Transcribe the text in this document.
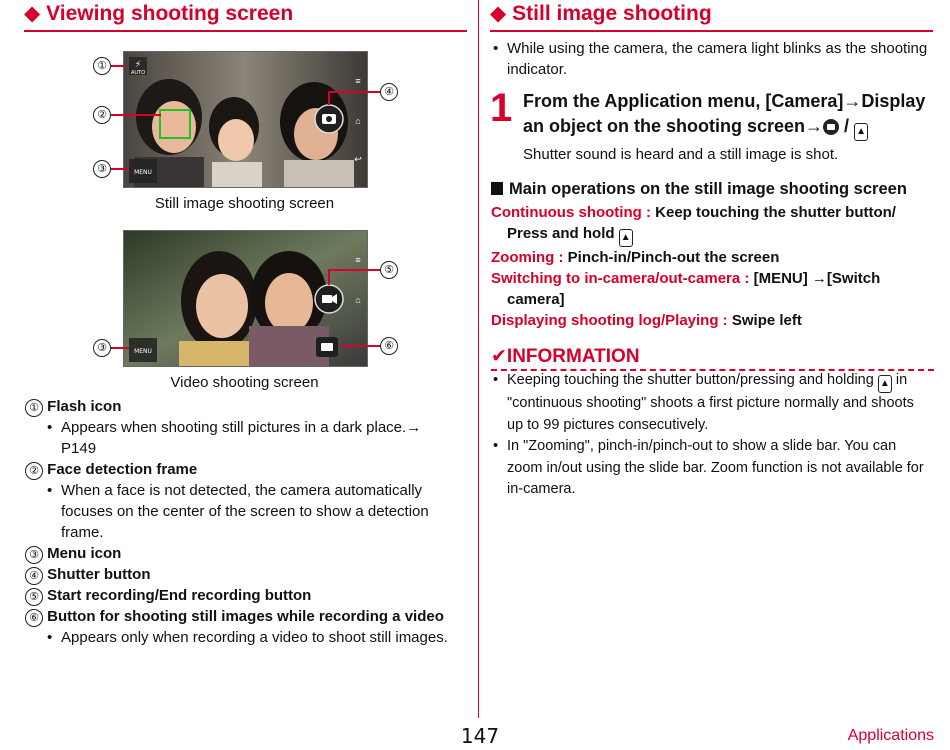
◆ Viewing shooting screen	◆ Still image shooting
⚡
AUTO
MENU
≡
⌂
↩
①
②
③
④
Still image shooting screen
MENU
≡
⌂
⑤
③	⑥
Video shooting screen
① Flash icon
• Appears when shooting still pictures in a dark place.→
P149
② Face detection frame
• When a face is not detected, the camera automatically focuses on the center of the screen to show a detection frame.
③ Menu icon
④ Shutter button
⑤ Start recording/End recording button
⑥ Button for shooting still images while recording a video
• Appears only when recording a video to shoot still images.
• While using the camera, the camera light blinks as the shooting indicator.
1 From the Application menu, [Camera]→Display an object on the shooting screen→ / ▲
Shutter sound is heard and a still image is shot.
Main operations on the still image shooting screen
Continuous shooting : Keep touching the shutter button/
Press and hold ▲
Zooming : Pinch-in/Pinch-out the screen
Switching to in-camera/out-camera : [MENU] →[Switch
camera]
Displaying shooting log/Playing : Swipe left
✔INFORMATION
• Keeping touching the shutter button/pressing and holding ▲ in "continuous shooting" shoots a first picture normally and shoots up to 99 pictures consecutively.
• In "Zooming", pinch-in/pinch-out to show a slide bar. You can zoom in/out using the slide bar. Zoom function is not available for in-camera.
147	Applications
